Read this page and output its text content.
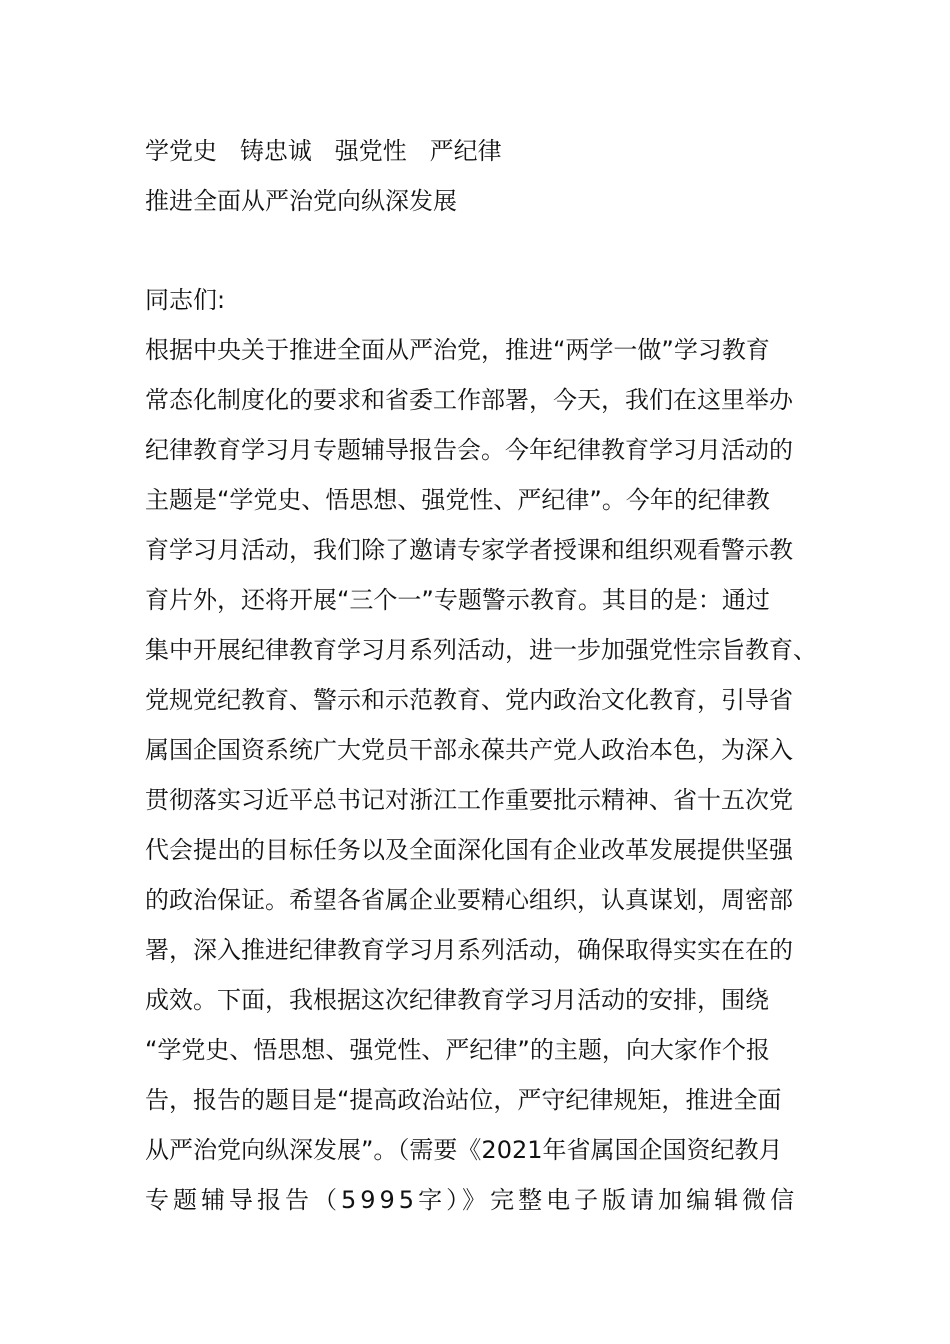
学党史   铸忠诚   强党性   严纪律
推进全面从严治党向纵深发展
同志们:
根据中央关于推进全面从严治党，推进“两学一做”学习教育
常态化制度化的要求和省委工作部署，今天，我们在这里举办
纪律教育学习月专题辅导报告会。今年纪律教育学习月活动的
主题是“学党史、悟思想、强党性、严纪律”。今年的纪律教
育学习月活动，我们除了邀请专家学者授课和组织观看警示教
育片外，还将开展“三个一”专题警示教育。其目的是：通过
集中开展纪律教育学习月系列活动，进一步加强党性宗旨教育、
党规党纪教育、警示和示范教育、党内政治文化教育，引导省
属国企国资系统广大党员干部永葆共产党人政治本色，为深入
贯彻落实习近平总书记对浙江工作重要批示精神、省十五次党
代会提出的目标任务以及全面深化国有企业改革发展提供坚强
的政治保证。希望各省属企业要精心组织，认真谋划，周密部
署，深入推进纪律教育学习月系列活动，确保取得实实在在的
成效。下面，我根据这次纪律教育学习月活动的安排，围绕
“学党史、悟思想、强党性、严纪律”的主题，向大家作个报
告，报告的题目是“提高政治站位，严守纪律规矩，推进全面
从严治党向纵深发展”。（需要《2021年省属国企国资纪教月
专题辅导报告（5995字）》完整电子版请加编辑微信
